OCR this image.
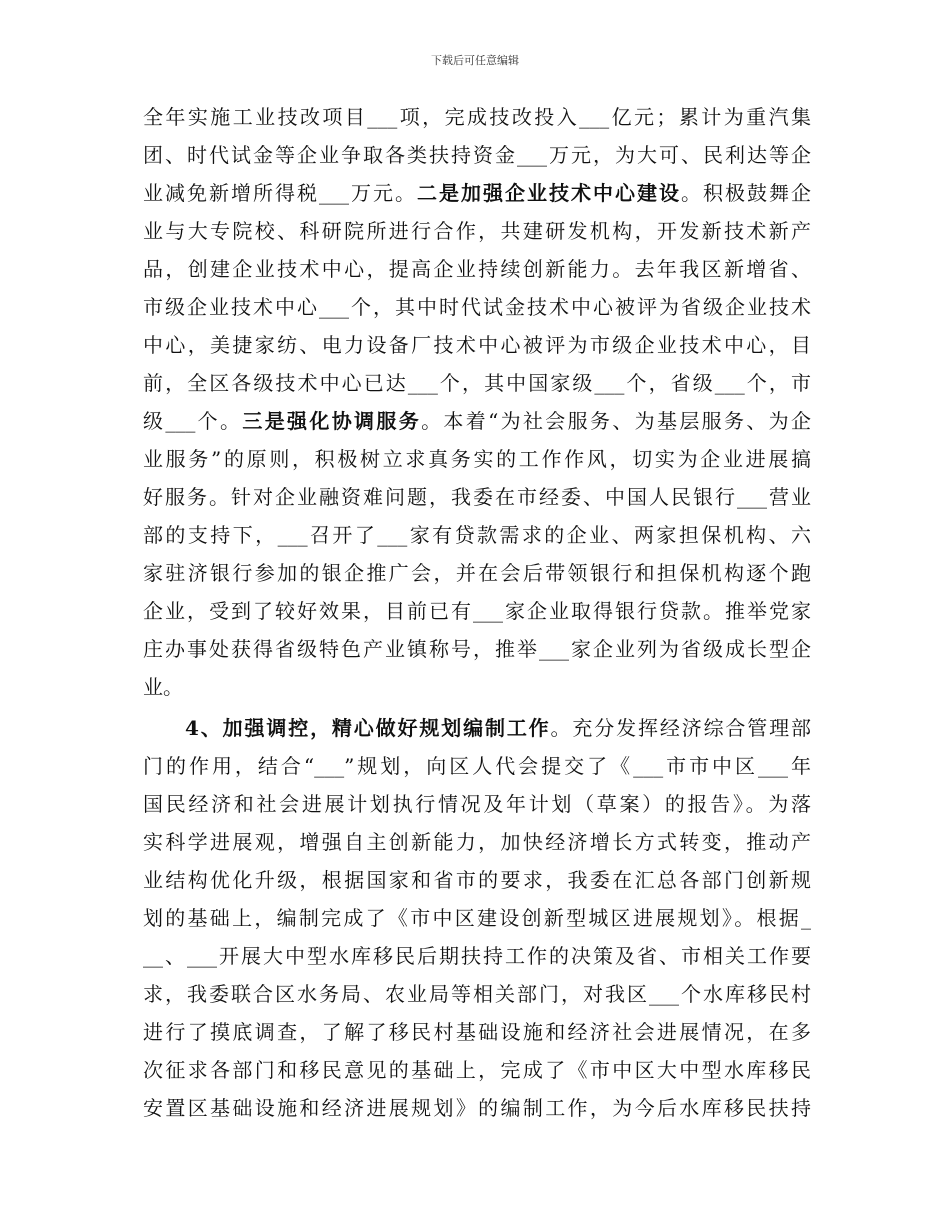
下载后可任意编辑
全年实施工业技改项目___项，完成技改投入___亿元；累计为重汽集
团、时代试金等企业争取各类扶持资金___万元，为大可、民利达等企
业减免新增所得税___万元。二是加强企业技术中心建设。积极鼓舞企
业与大专院校、科研院所进行合作，共建研发机构，开发新技术新产
品，创建企业技术中心，提高企业持续创新能力。去年我区新增省、
市级企业技术中心___个，其中时代试金技术中心被评为省级企业技术
中心，美捷家纺、电力设备厂技术中心被评为市级企业技术中心，目
前，全区各级技术中心已达___个，其中国家级___个，省级___个，市
级___个。三是强化协调服务。本着“为社会服务、为基层服务、为企
业服务”的原则，积极树立求真务实的工作作风，切实为企业进展搞
好服务。针对企业融资难问题，我委在市经委、中国人民银行___营业
部的支持下，___召开了___家有贷款需求的企业、两家担保机构、六
家驻济银行参加的银企推广会，并在会后带领银行和担保机构逐个跑
企业，受到了较好效果，目前已有___家企业取得银行贷款。推举党家
庄办事处获得省级特色产业镇称号，推举___家企业列为省级成长型企
业。
4、加强调控，精心做好规划编制工作。充分发挥经济综合管理部
门的作用，结合“___”规划，向区人代会提交了《___市市中区___年
国民经济和社会进展计划执行情况及年计划（草案）的报告》。为落
实科学进展观，增强自主创新能力，加快经济增长方式转变，推动产
业结构优化升级，根据国家和省市的要求，我委在汇总各部门创新规
划的基础上，编制完成了《市中区建设创新型城区进展规划》。根据_
__、___开展大中型水库移民后期扶持工作的决策及省、市相关工作要
求，我委联合区水务局、农业局等相关部门，对我区___个水库移民村
进行了摸底调查，了解了移民村基础设施和经济社会进展情况，在多
次征求各部门和移民意见的基础上，完成了《市中区大中型水库移民
安置区基础设施和经济进展规划》的编制工作，为今后水库移民扶持
